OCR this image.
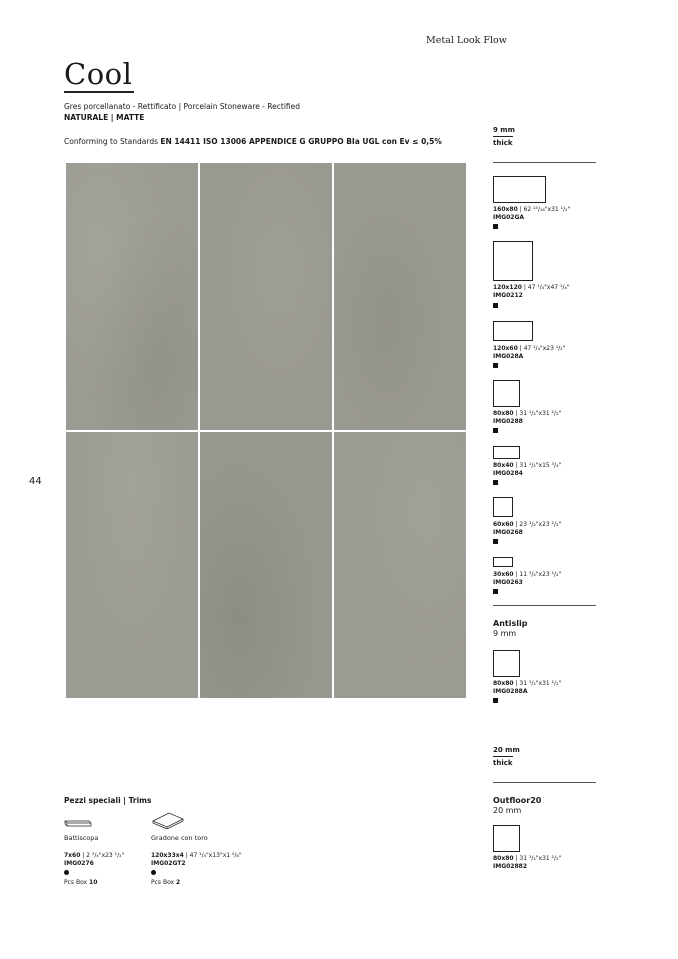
Metal Look Flow
Cool
Gres porcellanato - Rettificato | Porcelain Stoneware - Rectified
NATURALE | MATTE
Conforming to Standards EN 14411 ISO 13006 APPENDICE G GRUPPO BIa UGL con Ev ≤ 0,5%
44
9 mm
thick
160x80 | 62 ¹⁵/₁₆"x31 ¹/₂"
IMG02GA
120x120 | 47 ¹/₄"x47 ¹/₄"
IMG0212
120x60 | 47 ¹/₄"x23 ¹/₂"
IMG028A
80x80 | 31 ¹/₂"x31 ¹/₂"
IMG0288
80x40 | 31 ¹/₂"x15 ³/₄"
IMG0284
60x60 | 23 ¹/₂"x23 ¹/₂"
IMG0268
30x60 | 11 ³/₄"x23 ¹/₂"
IMG0263
Antislip
9 mm
80x80 | 31 ¹/₂"x31 ¹/₂"
IMG0288A
20 mm
thick
Outfloor20
20 mm
80x80 | 31 ¹/₂"x31 ¹/₂"
IMG02882
Pezzi speciali | Trims
Battiscopa
7x60 | 2 ³/₄"x23 ¹/₂"
IMG0276
Pcs Box 10
Gradone con toro
120x33x4 | 47 ¹/₄"x13"x1 ⁵/₈"
IMG02GT2
Pcs Box 2
